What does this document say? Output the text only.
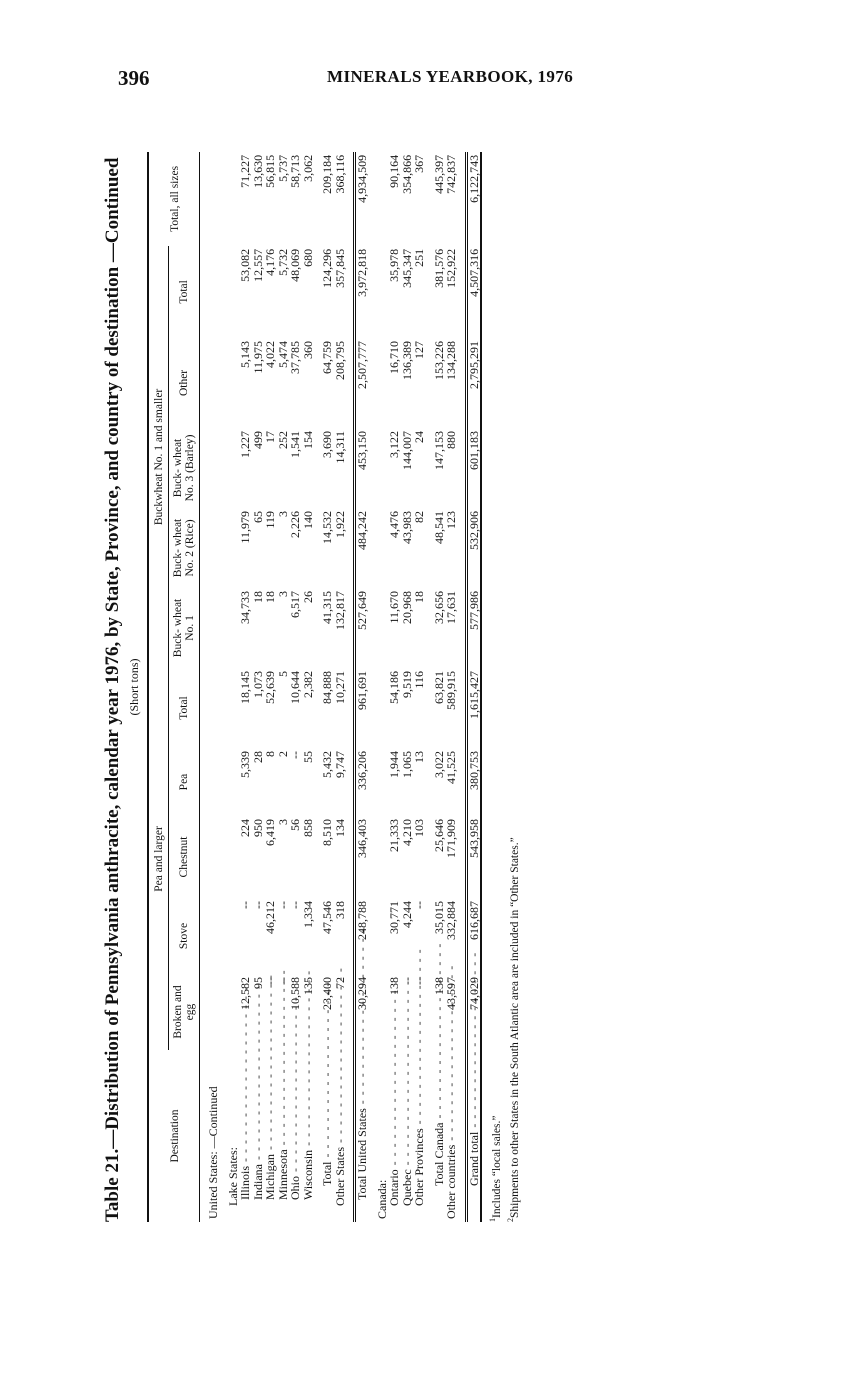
396	MINERALS YEARBOOK, 1976
Table 21.—Distribution of Pennsylvania anthracite, calendar year 1976, by State, Province, and country of destination —Continued (Short tons)
Destination	Pea and larger					Buckwheat No. 1 and smaller					Total, all sizes
	Broken and egg	Stove	Chestnut	Pea	Total	Buck- wheat No. 1	Buck- wheat No. 2 (Rice)	Buck- wheat No. 3 (Barley)	Other	Total	

United States: —Continued											

Lake States:											
Illinois - - -	12,582	--	224	5,339	18,145	34,733	11,979	1,227	5,143	53,082	71,227
Indiana - - -	95	--	950	28	1,073	18	65	499	11,975	12,557	13,630
Michigan - - -	--	46,212	6,419	8	52,639	18	119	17	4,022	4,176	56,815
Minnesota - - -	--	--	3	2	5	3	3	252	5,474	5,732	5,737
Ohio - - -	10,588	--	56	--	10,644	6,517	2,226	1,541	37,785	48,069	58,713
Wisconsin - - -	135	1,334	858	55	2,382	26	140	154	360	680	3,062

Total - - -	23,400	47,546	8,510	5,432	84,888	41,315	14,532	3,690	64,759	124,296	209,184
Other States - - -	72	318	134	9,747	10,271	132,817	1,922	14,311	208,795	357,845	368,116

Total United States - - -	30,294	248,788	346,403	336,206	961,691	527,649	484,242	453,150	2,507,777	3,972,818	4,934,509

Canada:											
Ontario - - -	138	30,771	21,333	1,944	54,186	11,670	4,476	3,122	16,710	35,978	90,164
Quebec - - -	--	4,244	4,210	1,065	9,519	20,968	43,983	144,007	136,389	345,347	354,866
Other Provinces - - -	--	--	103	13	116	18	82	24	127	251	367

Total Canada - - -	138	35,015	25,646	3,022	63,821	32,656	48,541	147,153	153,226	381,576	445,397
Other countries - - -	43,597	332,884	171,909	41,525	589,915	17,631	123	880	134,288	152,922	742,837

Grand total - - -	74,029	616,687	543,958	380,753	1,615,427	577,986	532,906	601,183	2,795,291	4,507,316	6,122,743
$^1$Includes “local sales.”
$^2$Shipments to other States in the South Atlantic area are included in “Other States.”
